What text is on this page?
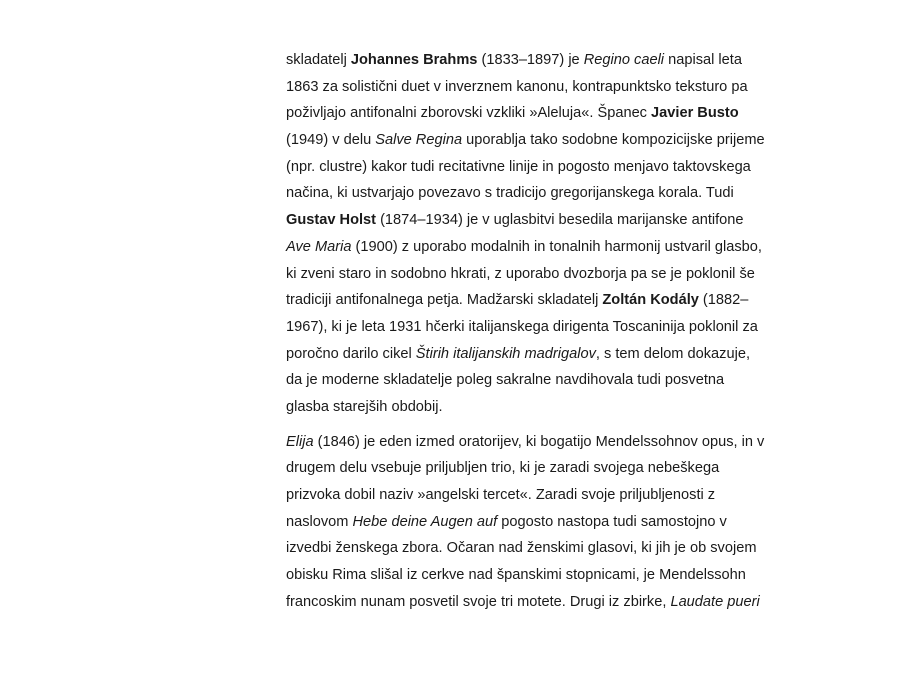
skladatelj Johannes Brahms (1833–1897) je Regino caeli napisal leta
1863 za solistični duet v inverznem kanonu, kontrapunktsko teksturo pa
poživljajo antifonalni zborovski vzkliki »Aleluja«. Španec Javier Busto
(1949) v delu Salve Regina uporablja tako sodobne kompozicijske prijeme
(npr. clustre) kakor tudi recitativne linije in pogosto menjavo taktovskega
načina, ki ustvarjajo povezavo s tradicijo gregorijanskega korala. Tudi
Gustav Holst (1874–1934) je v uglasbitvi besedila marijanske antifone
Ave Maria (1900) z uporabo modalnih in tonalnih harmonij ustvaril glasbo,
ki zveni staro in sodobno hkrati, z uporabo dvozborja pa se je poklonil še
tradiciji antifonalnega petja. Madžarski skladatelj Zoltán Kodály (1882–
1967), ki je leta 1931 hčerki italijanskega dirigenta Toscaninija poklonil za
poročno darilo cikel Štirih italijanskih madrigalov, s tem delom dokazuje,
da je moderne skladatelje poleg sakralne navdihovala tudi posvetna
glasba starejših obdobij.

Elija (1846) je eden izmed oratorijev, ki bogatijo Mendelssohnov opus, in v
drugem delu vsebuje priljubljen trio, ki je zaradi svojega nebeškega
prizvoka dobil naziv »angelski tercet«. Zaradi svoje priljubljenosti z
naslovom Hebe deine Augen auf pogosto nastopa tudi samostojno v
izvedbi ženskega zbora. Očaran nad ženskimi glasovi, ki jih je ob svojem
obisku Rima slišal iz cerkve nad španskimi stopnicami, je Mendelssohn
francoskim nunam posvetil svoje tri motete. Drugi iz zbirke, Laudate pueri
